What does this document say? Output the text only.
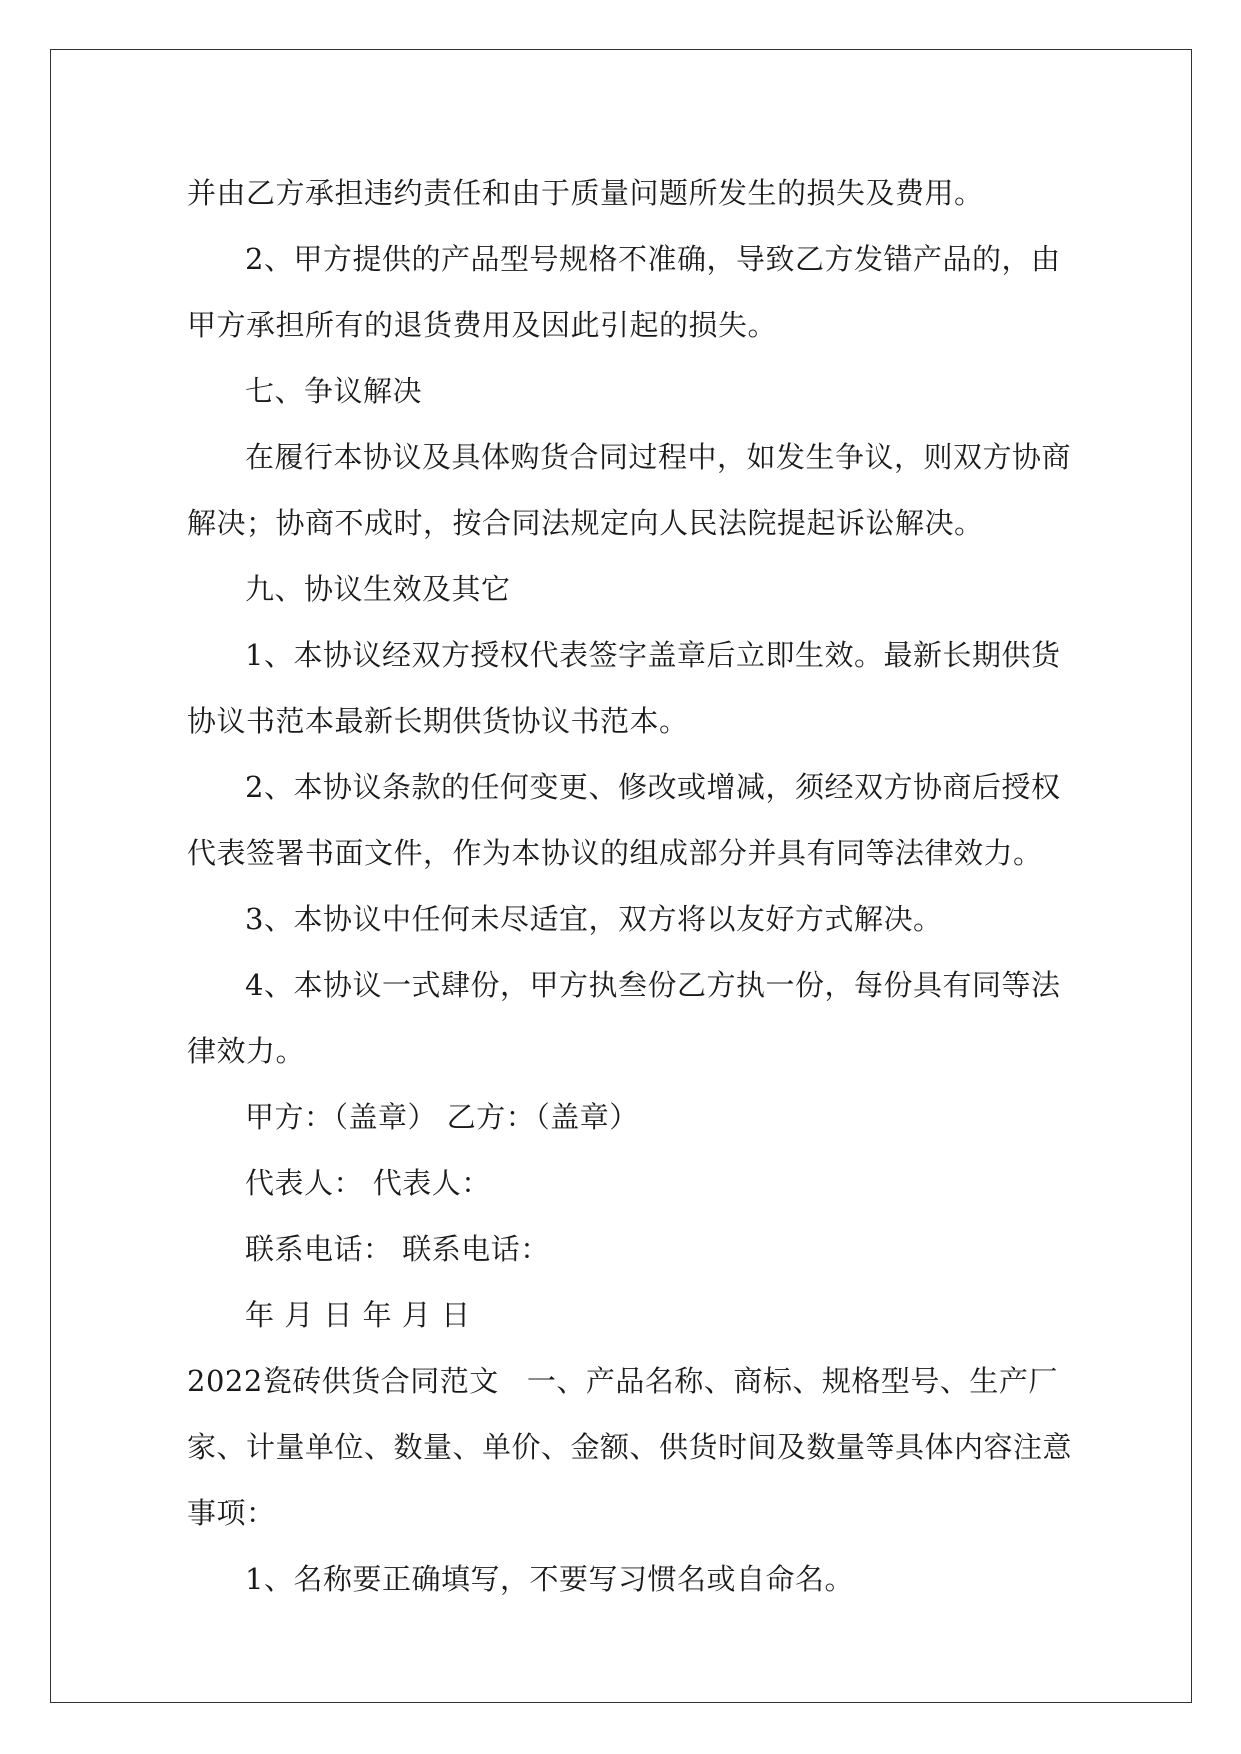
并由乙方承担违约责任和由于质量问题所发生的损失及费用。
2、甲方提供的产品型号规格不准确，导致乙方发错产品的，由
甲方承担所有的退货费用及因此引起的损失。
七、争议解决
在履行本协议及具体购货合同过程中，如发生争议，则双方协商
解决；协商不成时，按合同法规定向人民法院提起诉讼解决。
九、协议生效及其它
1、本协议经双方授权代表签字盖章后立即生效。最新长期供货
协议书范本最新长期供货协议书范本。
2、本协议条款的任何变更、修改或增减，须经双方协商后授权
代表签署书面文件，作为本协议的组成部分并具有同等法律效力。
3、本协议中任何未尽适宜，双方将以友好方式解决。
4、本协议一式肆份，甲方执叁份乙方执一份，每份具有同等法
律效力。
甲方：（盖章） 乙方：（盖章）
代表人： 代表人：
联系电话： 联系电话：
年 月 日 年 月 日
2022瓷砖供货合同范文 一、产品名称、商标、规格型号、生产厂
家、计量单位、数量、单价、金额、供货时间及数量等具体内容注意
事项：
1、名称要正确填写，不要写习惯名或自命名。
